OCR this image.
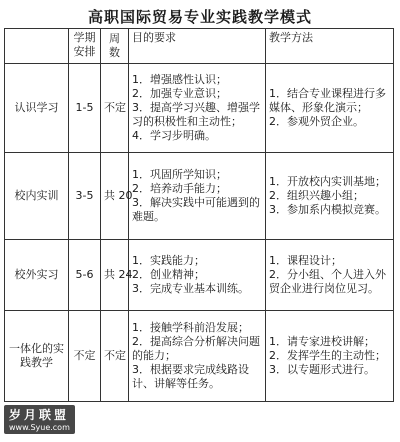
高职国际贸易专业实践教学模式
	学期安排	周数	目的要求	教学方法
认识学习	1-5	不定	1．增强感性认识；
2．加强专业意识；
3．提高学习兴趣、增强学习的积极性和主动性；
4．学习步明确。	1．结合专业课程进行多媒体、形象化演示；
2．参观外贸企业。

校内实训	3-5	共 20	1．巩固所学知识；
2．培养动手能力；
3．解决实践中可能遇到的难题。	1．开放校内实训基地；
2．组织兴趣小组；
3．参加系内模拟竞赛。

校外实习	5-6	共 24	1．实践能力；
2．创业精神；
3．完成专业基本训练。	1．课程设计；
2．分小组、个人进入外贸企业进行岗位见习。

一体化的实践教学	不定	不定	1．接触学科前沿发展；
2．提高综合分析解决问题的能力；
3．根据要求完成线路设计、讲解等任务。	1．请专家进校讲解；
2．发挥学生的主动性；
3．以专题形式进行。
岁月联盟
www.Syue.com
